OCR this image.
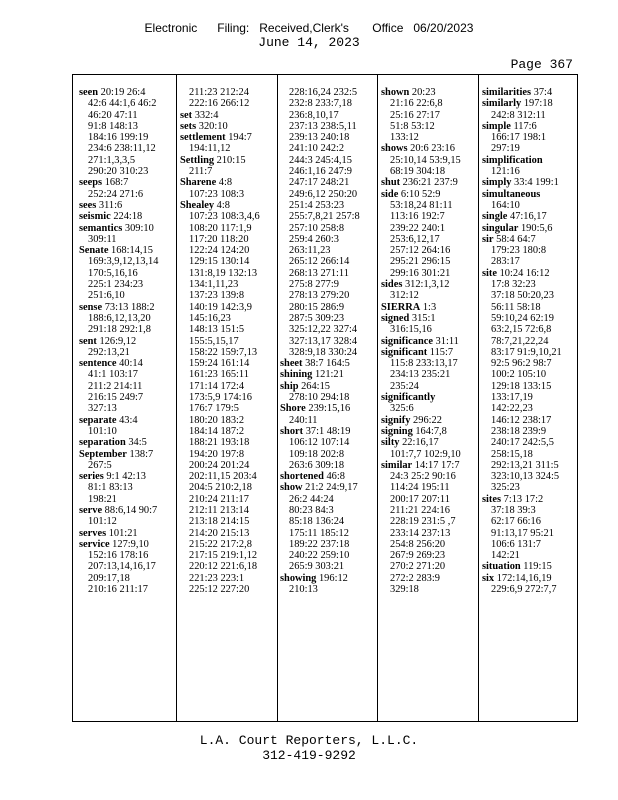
Electronic      Filing:   Received,Clerk's       Office   06/20/2023
June 14, 2023
Page 367
seen 20:19 26:4
42:6 44:1,6 46:2
46:20 47:11
91:8 148:13
184:16 199:19
234:6 238:11,12
271:1,3,3,5
290:20 310:23
seeps 168:7
252:24 271:6
sees 311:6
seismic 224:18
semantics 309:10
309:11
Senate 168:14,15
169:3,9,12,13,14
170:5,16,16
225:1 234:23
251:6,10
sense 73:13 188:2
188:6,12,13,20
291:18 292:1,8
sent 126:9,12
292:13,21
sentence 40:14
41:1 103:17
211:2 214:11
216:15 249:7
327:13
separate 43:4
101:10
separation 34:5
September 138:7
267:5
series 9:1 42:13
81:1 83:13
198:21
serve 88:6,14 90:7
101:12
serves 101:21
service 127:9,10
152:16 178:16
207:13,14,16,17
209:17,18
210:16 211:17
211:23 212:24
222:16 266:12
set 332:4
sets 320:10
settlement 194:7
194:11,12
Settling 210:15
211:7
Sharene 4:8
107:23 108:3
Shealey 4:8
107:23 108:3,4,6
108:20 117:1,9
117:20 118:20
122:24 124:20
129:15 130:14
131:8,19 132:13
134:1,11,23
137:23 139:8
140:19 142:3,9
145:16,23
148:13 151:5
155:5,15,17
158:22 159:7,13
159:24 161:14
161:23 165:11
171:14 172:4
173:5,9 174:16
176:7 179:5
180:20 183:2
184:14 187:2
188:21 193:18
194:20 197:8
200:24 201:24
202:11,15 203:4
204:5 210:2,18
210:24 211:17
212:11 213:14
213:18 214:15
214:20 215:13
215:22 217:2,8
217:15 219:1,12
220:12 221:6,18
221:23 223:1
225:12 227:20
228:16,24 232:5
232:8 233:7,18
236:8,10,17
237:13 238:5,11
239:13 240:18
241:10 242:2
244:3 245:4,15
246:1,16 247:9
247:17 248:21
249:6,12 250:20
251:4 253:23
255:7,8,21 257:8
257:10 258:8
259:4 260:3
263:11,23
265:12 266:14
268:13 271:11
275:8 277:9
278:13 279:20
280:15 286:9
287:5 309:23
325:12,22 327:4
327:13,17 328:4
328:9,18 330:24
sheet 38:7 164:5
shining 121:21
ship 264:15
278:10 294:18
Shore 239:15,16
240:11
short 37:1 48:19
106:12 107:14
109:18 202:8
263:6 309:18
shortened 46:8
show 21:2 24:9,17
26:2 44:24
80:23 84:3
85:18 136:24
175:11 185:12
189:22 237:18
240:22 259:10
265:9 303:21
showing 196:12
210:13
shown 20:23
21:16 22:6,8
25:16 27:17
51:8 53:12
133:12
shows 20:6 23:16
25:10,14 53:9,15
68:19 304:18
shut 236:21 237:9
side 6:10 52:9
53:18,24 81:11
113:16 192:7
239:22 240:1
253:6,12,17
257:12 264:16
295:21 296:15
299:16 301:21
sides 312:1,3,12
312:12
SIERRA 1:3
signed 315:1
316:15,16
significance 31:11
significant 115:7
115:8 233:13,17
234:13 235:21
235:24
significantly
325:6
signify 296:22
signing 164:7,8
silty 22:16,17
101:7,7 102:9,10
similar 14:17 17:7
24:3 25:2 90:16
114:24 195:11
200:17 207:11
211:21 224:16
228:19 231:5 ,7
233:14 237:13
254:8 256:20
267:9 269:23
270:2 271:20
272:2 283:9
329:18
similarities 37:4
similarly 197:18
242:8 312:11
simple 117:6
166:17 198:1
297:19
simplification
121:16
simply 33:4 199:1
simultaneous
164:10
single 47:16,17
singular 190:5,6
sir 58:4 64:7
179:23 180:8
283:17
site 10:24 16:12
17:8 32:23
37:18 50:20,23
56:11 58:18
59:10,24 62:19
63:2,15 72:6,8
78:7,21,22,24
83:17 91:9,10,21
92:5 96:2 98:7
100:2 105:10
129:18 133:15
133:17,19
142:22,23
146:12 238:17
238:18 239:9
240:17 242:5,5
258:15,18
292:13,21 311:5
323:10,13 324:5
325:23
sites 7:13 17:2
37:18 39:3
62:17 66:16
91:13,17 95:21
106:6 131:7
142:21
situation 119:15
six 172:14,16,19
229:6,9 272:7,7
L.A. Court Reporters, L.L.C.
312-419-9292
